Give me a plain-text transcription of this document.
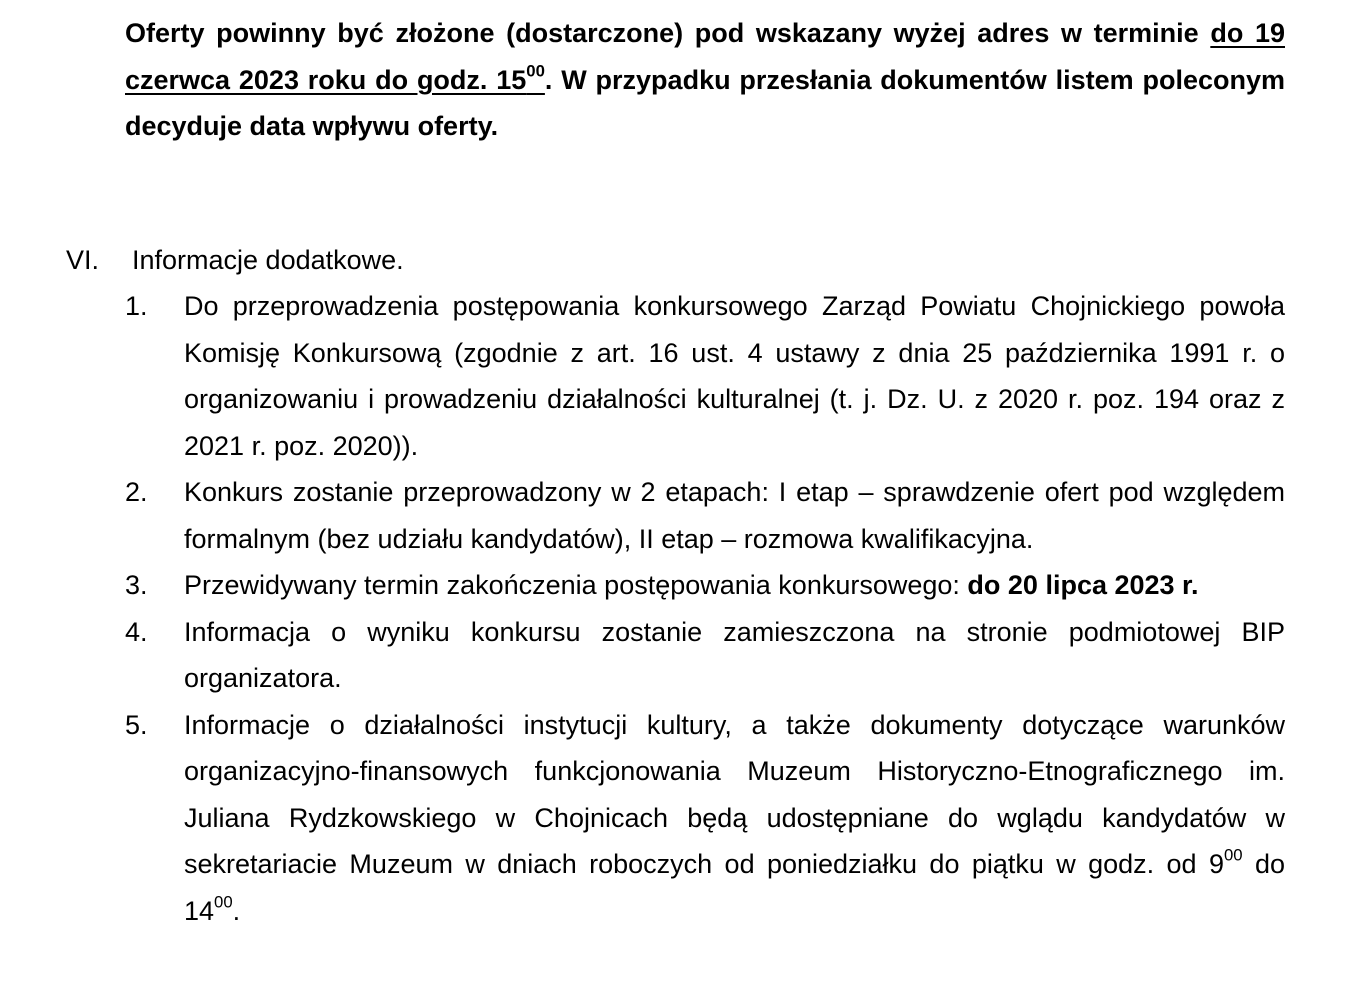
Oferty powinny być złożone (dostarczone) pod wskazany wyżej adres w terminie do 19 czerwca 2023 roku do godz. $15^{00}$. W przypadku przesłania dokumentów listem poleconym decyduje data wpływu oferty.

VI. Informacje dodatkowe.

1. Do przeprowadzenia postępowania konkursowego Zarząd Powiatu Chojnickiego powoła Komisję Konkursową (zgodnie z art. 16 ust. 4 ustawy z dnia 25 października 1991 r. o organizowaniu i prowadzeniu działalności kulturalnej (t. j. Dz. U. z 2020 r. poz. 194 oraz z 2021 r. poz. 2020)).
2. Konkurs zostanie przeprowadzony w 2 etapach: I etap – sprawdzenie ofert pod względem formalnym (bez udziału kandydatów), II etap – rozmowa kwalifikacyjna.
3. Przewidywany termin zakończenia postępowania konkursowego: do 20 lipca 2023 r.
4. Informacja o wyniku konkursu zostanie zamieszczona na stronie podmiotowej BIP organizatora.
5. Informacje o działalności instytucji kultury, a także dokumenty dotyczące warunków organizacyjno-finansowych funkcjonowania Muzeum Historyczno-Etnograficznego im. Juliana Rydzkowskiego w Chojnicach będą udostępniane do wglądu kandydatów w sekretariacie Muzeum w dniach roboczych od poniedziałku do piątku w godz. od $9^{00}$ do $14^{00}$.
